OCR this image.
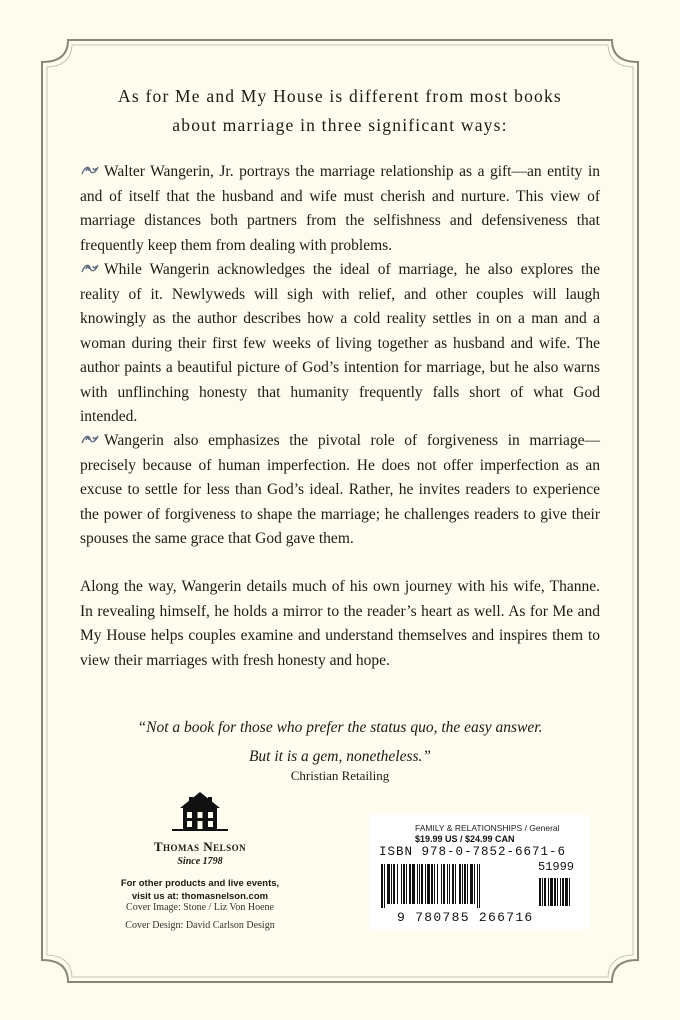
As for Me and My House is different from most books
about marriage in three significant ways:

Walter Wangerin, Jr. portrays the marriage relationship as a gift—an entity in and of itself that the husband and wife must cherish and nurture. This view of marriage distances both partners from the selfishness and defensiveness that frequently keep them from dealing with problems.

While Wangerin acknowledges the ideal of marriage, he also explores the reality of it. Newlyweds will sigh with relief, and other couples will laugh knowingly as the author describes how a cold reality settles in on a man and a woman during their first few weeks of living together as husband and wife. The author paints a beautiful picture of God’s intention for marriage, but he also warns with unflinching honesty that humanity frequently falls short of what God intended.

Wangerin also emphasizes the pivotal role of forgiveness in marriage— precisely because of human imperfection. He does not offer imperfection as an excuse to settle for less than God’s ideal. Rather, he invites readers to experience the power of forgiveness to shape the marriage; he challenges readers to give their spouses the same grace that God gave them.

Along the way, Wangerin details much of his own journey with his wife, Thanne. In revealing himself, he holds a mirror to the reader’s heart as well. As for Me and My House helps couples examine and understand themselves and inspires them to view their marriages with fresh honesty and hope.

“Not a book for those who prefer the status quo, the easy answer.
But it is a gem, nonetheless.”
Christian Retailing
Thomas Nelson
Since 1798
For other products and live events,
visit us at: thomasnelson.com
Cover Image: Stone / Liz Von Hoene
Cover Design: David Carlson Design
FAMILY & RELATIONSHIPS / General
$19.99 US / $24.99 CAN
ISBN 978-0-7852-6671-6
51999
9 780785 266716
